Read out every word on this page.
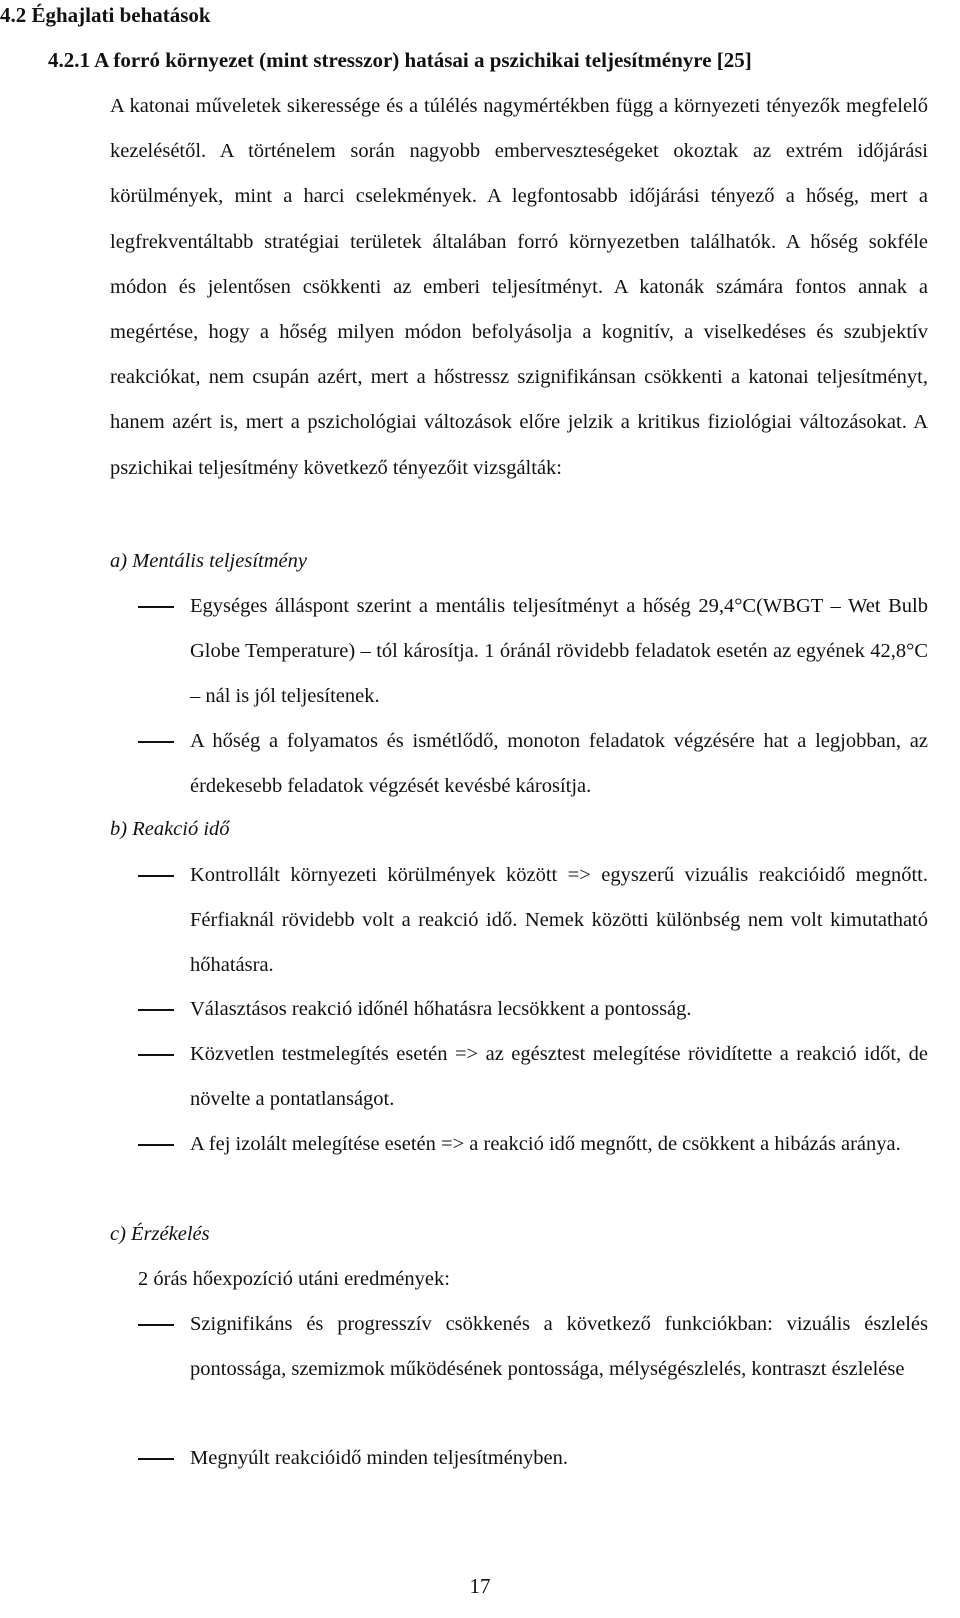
4.2 Éghajlati behatások
4.2.1 A forró környezet (mint stresszor) hatásai a pszichikai teljesítményre [25]

A katonai műveletek sikeressége és a túlélés nagymértékben függ a környezeti tényezők megfelelő kezelésétől. A történelem során nagyobb emberveszteségeket okoztak az extrém időjárási körülmények, mint a harci cselekmények. A legfontosabb időjárási tényező a hőség, mert a legfrekventáltabb stratégiai területek általában forró környezetben találhatók. A hőség sokféle módon és jelentősen csökkenti az emberi teljesítményt. A katonák számára fontos annak a megértése, hogy a hőség milyen módon befolyásolja a kognitív, a viselkedéses és szubjektív reakciókat, nem csupán azért, mert a hőstressz szignifikánsan csökkenti a katonai teljesítményt, hanem azért is, mert a pszichológiai változások előre jelzik a kritikus fiziológiai változásokat. A pszichikai teljesítmény következő tényezőit vizsgálták:

a) Mentális teljesítmény

Egységes álláspont szerint a mentális teljesítményt a hőség 29,4°C(WBGT – Wet Bulb Globe Temperature) – tól károsítja. 1 óránál rövidebb feladatok esetén az egyének 42,8°C – nál is jól teljesítenek.

A hőség a folyamatos és ismétlődő, monoton feladatok végzésére hat a legjobban, az érdekesebb feladatok végzését kevésbé károsítja.

b) Reakció idő

Kontrollált környezeti körülmények között => egyszerű vizuális reakcióidő megnőtt. Férfiaknál rövidebb volt a reakció idő. Nemek közötti különbség nem volt kimutatható hőhatásra.

Választásos reakció időnél hőhatásra lecsökkent a pontosság.

Közvetlen testmelegítés esetén => az egésztest melegítése rövidítette a reakció időt, de növelte a pontatlanságot.

A fej izolált melegítése esetén => a reakció idő megnőtt, de csökkent a hibázás aránya.

c) Érzékelés
2 órás hőexpozíció utáni eredmények:

Szignifikáns és progresszív csökkenés a következő funkciókban: vizuális észlelés pontossága, szemizmok működésének pontossága, mélységészlelés, kontraszt észlelése

Megnyúlt reakcióidő minden teljesítményben.

17
